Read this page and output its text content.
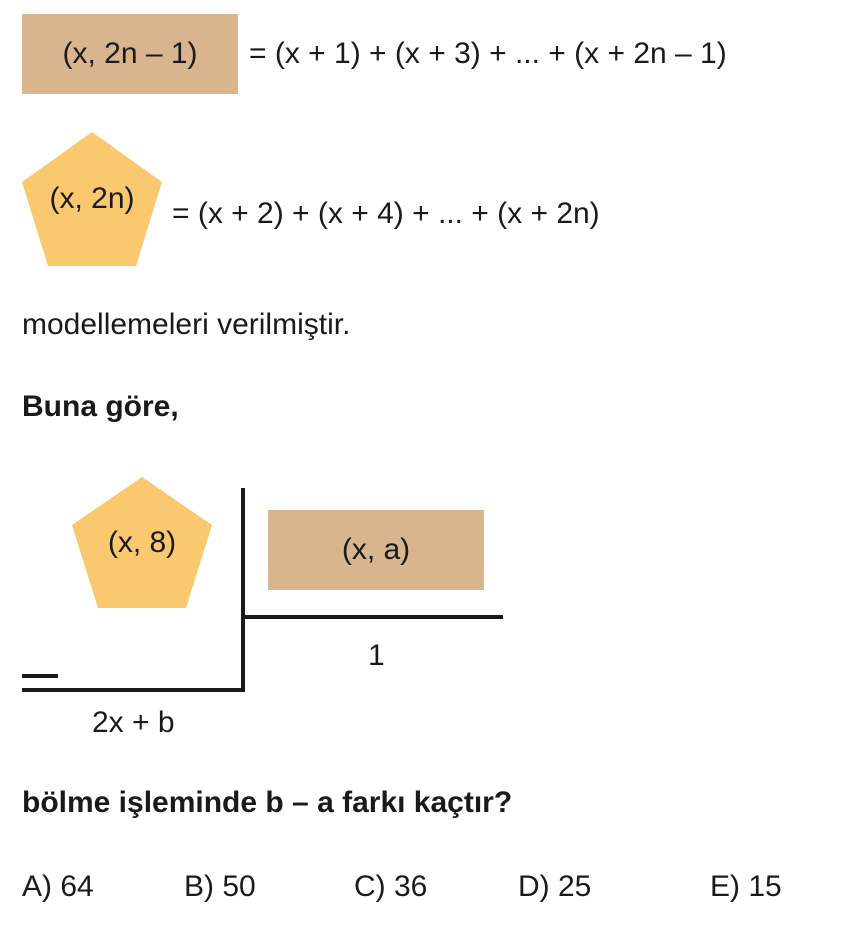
(x, 2n – 1) = (x + 1) + (x + 3) + ... + (x + 2n – 1)
(x, 2n) = (x + 2) + (x + 4) + ... + (x + 2n)
modellemeleri verilmiştir.
Buna göre,
(x, 8)	(x, a)
1
2x + b
bölme işleminde b – a farkı kaçtır?
A) 64	B) 50	C) 36	D) 25	E) 15
